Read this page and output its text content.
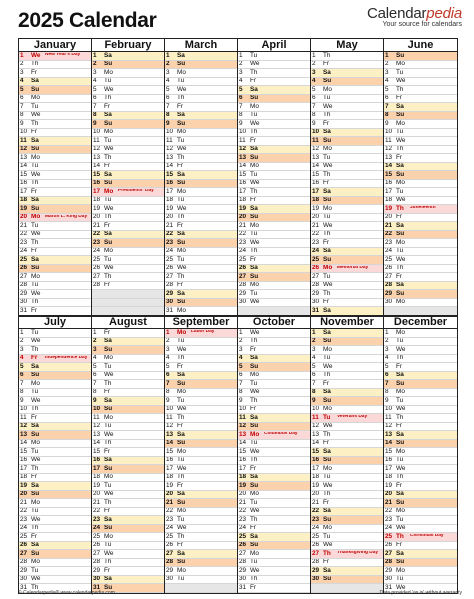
2025 Calendar	Calendarpedia
Your source for calendars
January
1	We New Year's Day
2	Th
3	Fr
4	Sa
5	Su
6	Mo
7	Tu
8	We
9	Th
10 Fr
11 Sa
12 Su
13 Mo
14 Tu
15 We
16 Th
17 Fr
18 Sa
19 Su
20 Mo Martin L. King Day
21 Tu
22 We
23 Th
24 Fr
25 Sa
26 Su
27 Mo
28 Tu
29 We
30 Th
31 Fr
February
1	Sa
2	Su
3	Mo
4	Tu
5	We
6	Th
7	Fr
8	Sa
9	Su
10 Mo
11 Tu
12 We
13 Th
14 Fr
15 Sa
16 Su
17 Mo Presidents' Day
18 Tu
19 We
20 Th
21 Fr
22 Sa
23 Su
24 Mo
25 Tu
26 We
27 Th
28 Fr
March
1	Sa
2	Su
3	Mo
4	Tu
5	We
6	Th
7	Fr
8	Sa
9	Su
10 Mo
11 Tu
12 We
13 Th
14 Fr
15 Sa
16 Su
17 Mo
18 Tu
19 We
20 Th
21 Fr
22 Sa
23 Su
24 Mo
25 Tu
26 We
27 Th
28 Fr
29 Sa
30 Su
31 Mo
April
1	Tu
2	We
3	Th
4	Fr
5	Sa
6	Su
7	Mo
8	Tu
9	We
10 Th
11 Fr
12 Sa
13 Su
14 Mo
15 Tu
16 We
17 Th
18 Fr
19 Sa
20 Su
21 Mo
22 Tu
23 We
24 Th
25 Fr
26 Sa
27 Su
28 Mo
29 Tu
30 We
May
1	Th
2	Fr
3	Sa
4	Su
5	Mo
6	Tu
7	We
8	Th
9	Fr
10 Sa
11 Su
12 Mo
13 Tu
14 We
15 Th
16 Fr
17 Sa
18 Su
19 Mo
20 Tu
21 We
22 Th
23 Fr
24 Sa
25 Su
26 Mo Memorial Day
27 Tu
28 We
29 Th
30 Fr
31 Sa
June
1	Su
2	Mo
3	Tu
4	We
5	Th
6	Fr
7	Sa
8	Su
9	Mo
10 Tu
11 We
12 Th
13 Fr
14 Sa
15 Su
16 Mo
17 Tu
18 We
19 Th	Juneteenth
20 Fr
21 Sa
22 Su
23 Mo
24 Tu
25 We
26 Th
27 Fr
28 Sa
29 Su
30 Mo
July
1	Tu
2	We
3	Th
4	Fr	Independence Day
5	Sa
6	Su
7	Mo
8	Tu
9	We
10 Th
11 Fr
12 Sa
13 Su
14 Mo
15 Tu
16 We
17 Th
18 Fr
19 Sa
20 Su
21 Mo
22 Tu
23 We
24 Th
25 Fr
26 Sa
27 Su
28 Mo
29 Tu
30 We
31 Th
August
1	Fr
2	Sa
3	Su
4	Mo
5	Tu
6	We
7	Th
8	Fr
9	Sa
10 Su
11 Mo
12 Tu
13 We
14 Th
15 Fr
16 Sa
17 Su
18 Mo
19 Tu
20 We
21 Th
22 Fr
23 Sa
24 Su
25 Mo
26 Tu
27 We
28 Th
29 Fr
30 Sa
31 Su
September
1	Mo Labor Day
2	Tu
3	We
4	Th
5	Fr
6	Sa
7	Su
8	Mo
9	Tu
10 We
11 Th
12 Fr
13 Sa
14 Su
15 Mo
16 Tu
17 We
18 Th
19 Fr
20 Sa
21 Su
22 Mo
23 Tu
24 We
25 Th
26 Fr
27 Sa
28 Su
29 Mo
30 Tu
October
1	We
2	Th
3	Fr
4	Sa
5	Su
6	Mo
7	Tu
8	We
9	Th
10 Fr
11 Sa
12 Su
13 Mo Columbus Day
14 Tu
15 We
16 Th
17 Fr
18 Sa
19 Su
20 Mo
21 Tu
22 We
23 Th
24 Fr
25 Sa
26 Su
27 Mo
28 Tu
29 We
30 Th
31 Fr
November
1	Sa
2	Su
3	Mo
4	Tu
5	We
6	Th
7	Fr
8	Sa
9	Su
10 Mo
11 Tu	Veterans Day
12 We
13 Th
14 Fr
15 Sa
16 Su
17 Mo
18 Tu
19 We
20 Th
21 Fr
22 Sa
23 Su
24 Mo
25 Tu
26 We
27 Th	Thanksgiving Day
28 Fr
29 Sa
30 Su
December
1	Mo
2	Tu
3	We
4	Th
5	Fr
6	Sa
7	Su
8	Mo
9	Tu
10 We
11 Th
12 Fr
13 Sa
14 Su
15 Mo
16 Tu
17 We
18 Th
19 Fr
20 Sa
21 Su
22 Mo
23 Tu
24 We
25 Th	Christmas Day
26 Fr
27 Sa
28 Su
29 Mo
30 Tu
31 We
© Calendarpedia® www.calendarpedia.com	Data provided 'as is' without warranty
